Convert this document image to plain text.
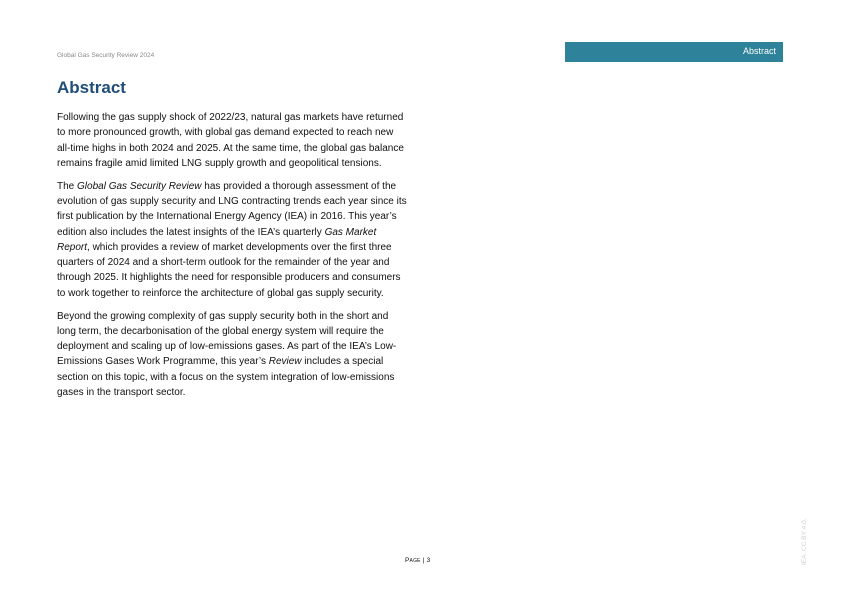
Global Gas Security Review 2024	Abstract
Abstract

Following the gas supply shock of 2022/23, natural gas markets have returned to more pronounced growth, with global gas demand expected to reach new all-time highs in both 2024 and 2025. At the same time, the global gas balance remains fragile amid limited LNG supply growth and geopolitical tensions.

The Global Gas Security Review has provided a thorough assessment of the evolution of gas supply security and LNG contracting trends each year since its first publication by the International Energy Agency (IEA) in 2016. This year’s edition also includes the latest insights of the IEA’s quarterly Gas Market Report, which provides a review of market developments over the first three quarters of 2024 and a short-term outlook for the remainder of the year and through 2025. It highlights the need for responsible producers and consumers to work together to reinforce the architecture of global gas supply security.

Beyond the growing complexity of gas supply security both in the short and long term, the decarbonisation of the global energy system will require the deployment and scaling up of low-emissions gases. As part of the IEA’s Low-Emissions Gases Work Programme, this year’s Review includes a special section on this topic, with a focus on the system integration of low-emissions gases in the transport sector.

Page | 3	IEA. CC BY 4.0.
